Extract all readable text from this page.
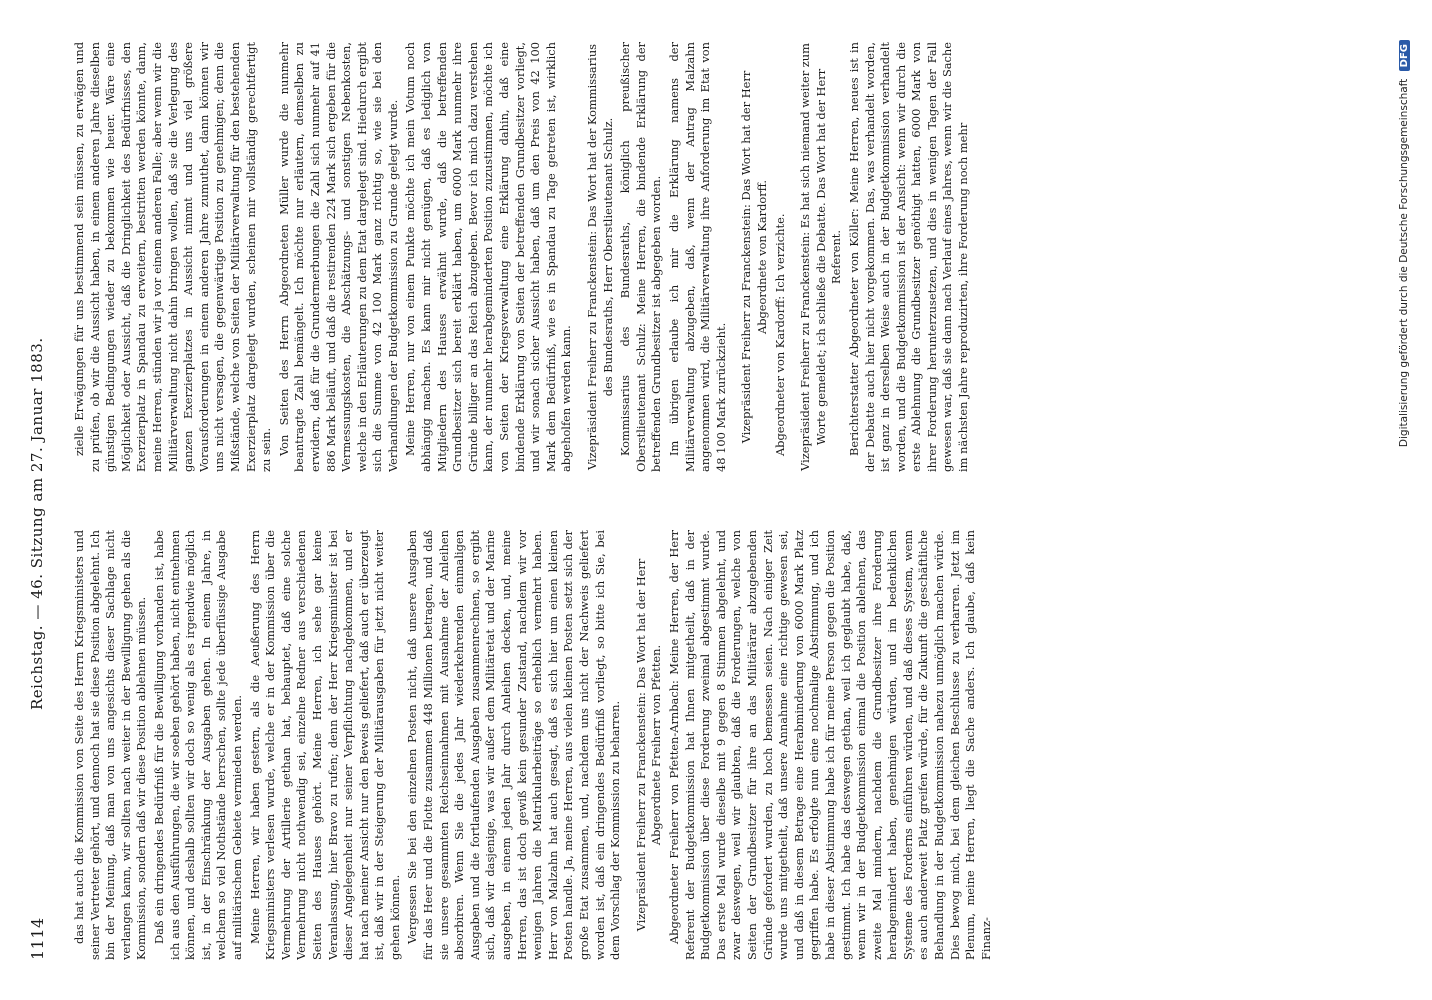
1114
Reichstag. — 46. Sitzung am 27. Januar 1883.

das hat auch die Kommission von Seite des Herrn Kriegsministers und seiner Vertreter gehört, und dennoch hat sie diese Position abgelehnt. Ich bin der Meinung, daß man von uns angesichts dieser Sachlage nicht verlangen kann, wir sollten nach weiter in der Bewilligung gehen als die Kommission, sondern daß wir diese Position ablehnen müssen. Daß ein dringendes Bedürfniß für die Bewilligung vorhanden ist, habe ich aus den Ausführungen, die wir soeben gehört haben, nicht entnehmen können, und deshalb sollten wir doch so wenig als es irgendwie möglich ist, in der Einschränkung der Ausgaben gehen. In einem Jahre, in welchem so viel Nothstände herrschen, sollte jede überflüssige Ausgabe auf militärischem Gebiete vermieden werden. Meine Herren, wir haben gestern, als die Aeußerung des Herrn Kriegsministers verlesen wurde, welche er in der Kommission über die Vermehrung der Artillerie gethan hat, behauptet, daß eine solche Vermehrung nicht nothwendig sei, einzelne Redner aus verschiedenen Seiten des Hauses gehört. Meine Herren, ich sehe gar keine Veranlassung, hier Bravo zu rufen; denn der Herr Kriegsminister ist bei dieser Angelegenheit nur seiner Verpflichtung nachgekommen, und er hat nach meiner Ansicht nur den Beweis geliefert, daß auch er überzeugt ist, daß wir in der Steigerung der Militärausgaben für jetzt nicht weiter gehen können. Vergessen Sie bei den einzelnen Posten nicht, daß unsere Ausgaben für das Heer und die Flotte zusammen 448 Millionen betragen, und daß sie unsere gesammten Reichseinnahmen mit Ausnahme der Anleihen absorbiren. Wenn Sie die jedes Jahr wiederkehrenden einmaligen Ausgaben und die fortlaufenden Ausgaben zusammenrechnen, so ergibt sich, daß wir dasjenige, was wir außer dem Militäretat und der Marine ausgeben, in einem jeden Jahr durch Anleihen decken, und, meine Herren, das ist doch gewiß kein gesunder Zustand, nachdem wir vor wenigen Jahren die Matrikularbeiträge so erheblich vermehrt haben. Herr von Malzahn hat auch gesagt, daß es sich hier um einen kleinen Posten handle. Ja, meine Herren, aus vielen kleinen Posten setzt sich der große Etat zusammen, und, nachdem uns nicht der Nachweis geliefert worden ist, daß ein dringendes Bedürfniß vorliegt, so bitte ich Sie, bei dem Vorschlag der Kommission zu beharren. Vizepräsident Freiherr zu Franckenstein: Das Wort hat der Herr Abgeordnete Freiherr von Pfetten. Abgeordneter Freiherr von Pfetten-Arnbach: Meine Herren, der Herr Referent der Budgetkommission hat Ihnen mitgetheilt, daß in der Budgetkommission über diese Forderung zweimal abgestimmt wurde. Das erste Mal wurde dieselbe mit 9 gegen 8 Stimmen abgelehnt, und zwar deswegen, weil wir glaubten, daß die Forderungen, welche von Seiten der Grundbesitzer für ihre an das Militärärar abzugebenden Gründe gefordert wurden, zu hoch bemessen seien. Nach einiger Zeit wurde uns mitgetheilt, daß unsere Annahme eine richtige gewesen sei, und daß in diesem Betrage eine Herabminderung von 6000 Mark Platz gegriffen habe. Es erfolgte nun eine nochmalige Abstimmung, und ich habe in dieser Abstimmung habe ich für meine Person gegen die Position gestimmt. Ich habe das deswegen gethan, weil ich geglaubt habe, daß, wenn wir in der Budgetkommission einmal die Position ablehnen, das zweite Mal mindern, nachdem die Grundbesitzer ihre Forderung herabgemindert haben, genehmigen würden, und im bedenklichen Systeme des Forderns einführen würden, und daß dieses System, wenn es auch anderweit Platz greifen würde, für die Zukunft die geschäftliche Behandlung in der Budgetkommission nahezu unmöglich machen würde. Dies bewog mich, bei dem gleichen Beschlusse zu verharren. Jetzt im Plenum, meine Herren, liegt die Sache anders. Ich glaube, daß kein Finanz-

zielle Erwägungen für uns bestimmend sein müssen, zu erwägen und zu prüfen, ob wir die Aussicht haben, in einem anderen Jahre dieselben günstigen Bedingungen wieder zu bekommen wie heuer. Wäre eine Möglichkeit oder Aussicht, daß die Dringlichkeit des Bedürfnisses, den Exerzierplatz in Spandau zu erweitern, bestritten werden könnte, dann, meine Herren, stünden wir ja vor einem anderen Falle; aber wenn wir die Militärverwaltung nicht dahin bringen wollen, daß sie die Verlegung des ganzen Exerzierplatzes in Aussicht nimmt und uns viel größere Vorausforderungen in einem anderen Jahre zumuthet, dann können wir uns nicht versagen, die gegenwärtige Position zu genehmigen; denn die Mißstände, welche von Seiten der Militärverwaltung für den bestehenden Exerzierplatz dargelegt wurden, scheinen mir vollständig gerechtfertigt zu sein. Von Seiten des Herrn Abgeordneten Müller wurde die nunmehr beantragte Zahl bemängelt. Ich möchte nur erläutern, demselben zu erwidern, daß für die Grundermerbungen die Zahl sich nunmehr auf 41 886 Mark beläuft, und daß die restirenden 224 Mark sich ergeben für die Vermessungskosten, die Abschätzungs- und sonstigen Nebenkosten, welche in den Erläuterungen zu dem Etat dargelegt sind. Hiedurch ergibt sich die Summe von 42 100 Mark ganz richtig so, wie sie bei den Verhandlungen der Budgetkommission zu Grunde gelegt wurde. Meine Herren, nur von einem Punkte möchte ich mein Votum noch abhängig machen. Es kann mir nicht genügen, daß es lediglich von Mitgliedern des Hauses erwähnt wurde, daß die betreffenden Grundbesitzer sich bereit erklärt haben, um 6000 Mark nunmehr ihre Gründe billiger an das Reich abzugeben. Bevor ich mich dazu verstehen kann, der nunmehr herabgeminderten Position zuzustimmen, möchte ich von Seiten der Kriegsverwaltung eine Erklärung dahin, daß eine bindende Erklärung von Seiten der betreffenden Grundbesitzer vorliegt, und wir sonach sicher Aussicht haben, daß um den Preis von 42 100 Mark dem Bedürfniß, wie es in Spandau zu Tage getreten ist, wirklich abgeholfen werden kann. Vizepräsident Freiherr zu Franckenstein: Das Wort hat der Kommissarius des Bundesraths, Herr Oberstlieutenant Schulz. Kommissarius des Bundesraths, königlich preußischer Oberstlieutenant Schulz: Meine Herren, die bindende Erklärung der betreffenden Grundbesitzer ist abgegeben worden. Im übrigen erlaube ich mir die Erklärung namens der Militärverwaltung abzugeben, daß, wenn der Antrag Malzahn angenommen wird, die Militärverwaltung ihre Anforderung im Etat von 48 100 Mark zurückzieht. Vizepräsident Freiherr zu Franckenstein: Das Wort hat der Herr Abgeordnete von Kardorff. Abgeordneter von Kardorff: Ich verzichte. Vizepräsident Freiherr zu Franckenstein: Es hat sich niemand weiter zum Worte gemeldet; ich schließe die Debatte. Das Wort hat der Herr Referent. Berichterstatter Abgeordneter von Köller: Meine Herren, neues ist in der Debatte auch hier nicht vorgekommen. Das, was verhandelt worden, ist ganz in derselben Weise auch in der Budgetkommission verhandelt worden, und die Budgetkommission ist der Ansicht: wenn wir durch die erste Ablehnung die Grundbesitzer genöthigt hatten, 6000 Mark von ihrer Forderung herunterzusetzen, und dies in wenigen Tagen der Fall gewesen war, daß sie dann nach Verlauf eines Jahres, wenn wir die Sache im nächsten Jahre reproduzirten, ihre Forderung noch mehr	Digitalisierung gefördert durch die Deutsche Forschungsgemeinschaft DFG
